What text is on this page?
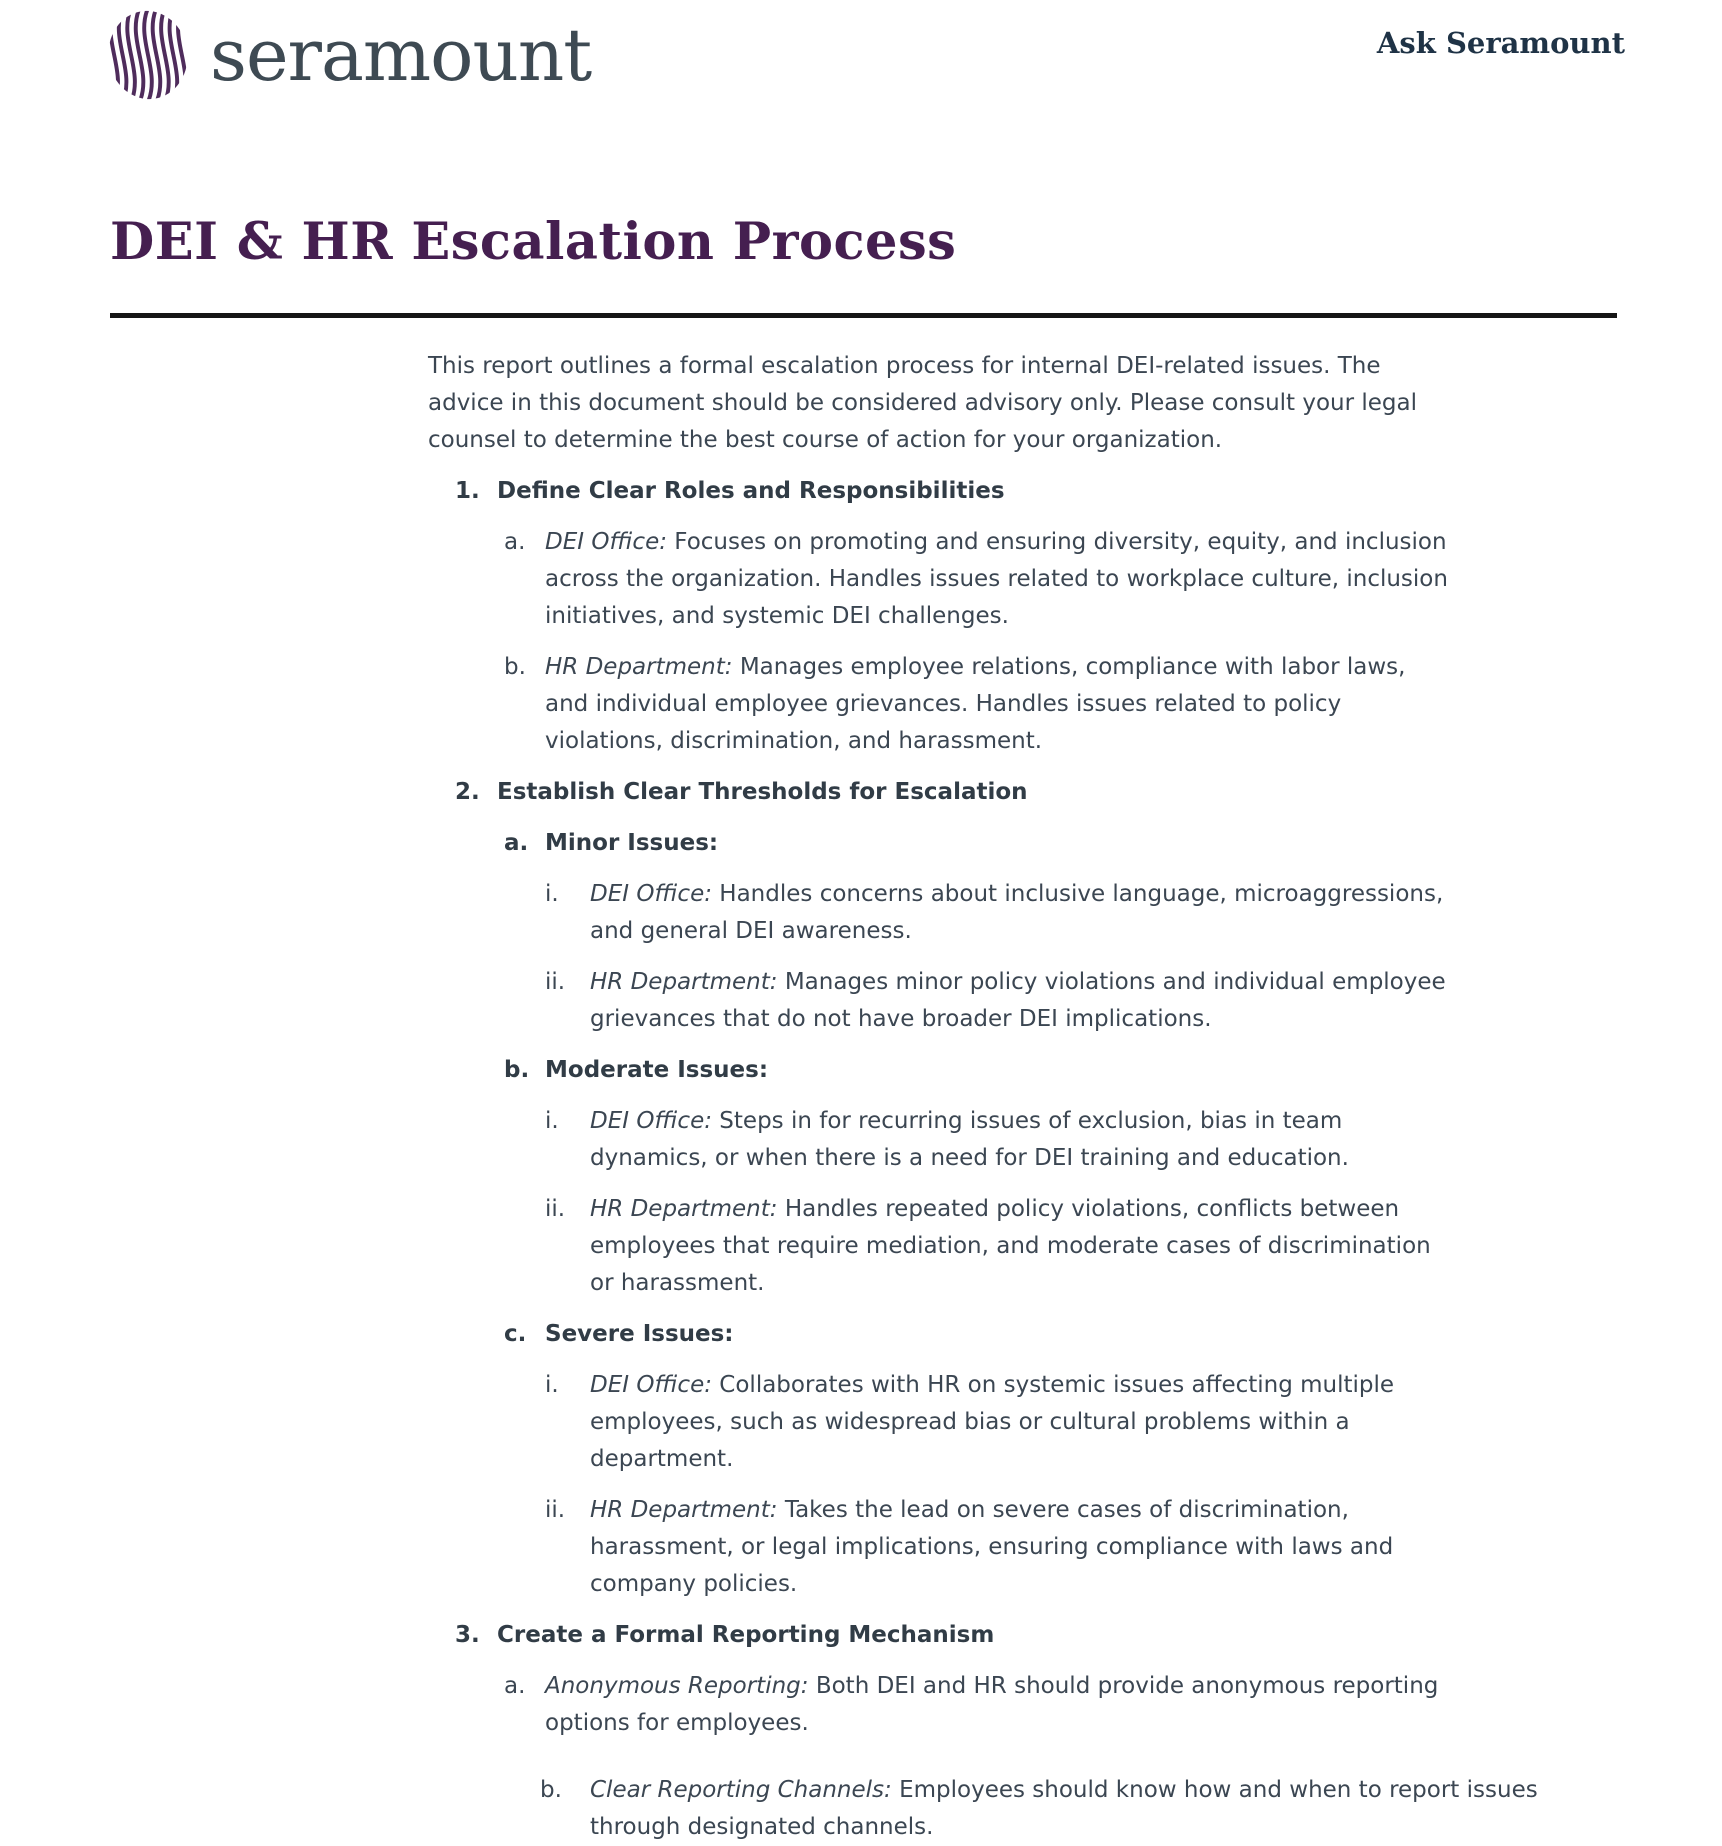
seramount	Ask Seramount
DEI & HR Escalation Process

This report outlines a formal escalation process for internal DEI-related issues. The advice in this document should be considered advisory only. Please consult your legal counsel to determine the best course of action for your organization.

1. Define Clear Roles and Responsibilities
a. DEI Office: Focuses on promoting and ensuring diversity, equity, and inclusion across the organization. Handles issues related to workplace culture, inclusion initiatives, and systemic DEI challenges.
b. HR Department: Manages employee relations, compliance with labor laws, and individual employee grievances. Handles issues related to policy violations, discrimination, and harassment.
2. Establish Clear Thresholds for Escalation
a. Minor Issues:
i.	DEI Office: Handles concerns about inclusive language, microaggressions, and general DEI awareness.
ii.	HR Department: Manages minor policy violations and individual employee grievances that do not have broader DEI implications.
b. Moderate Issues:
i.	DEI Office: Steps in for recurring issues of exclusion, bias in team dynamics, or when there is a need for DEI training and education.
ii.	HR Department: Handles repeated policy violations, conflicts between employees that require mediation, and moderate cases of discrimination or harassment.
c. Severe Issues:
i.	DEI Office: Collaborates with HR on systemic issues affecting multiple employees, such as widespread bias or cultural problems within a department.
ii.	HR Department: Takes the lead on severe cases of discrimination, harassment, or legal implications, ensuring compliance with laws and company policies.
3. Create a Formal Reporting Mechanism
a. Anonymous Reporting: Both DEI and HR should provide anonymous reporting options for employees.
b.	Clear Reporting Channels: Employees should know how and when to report issues through designated channels.
